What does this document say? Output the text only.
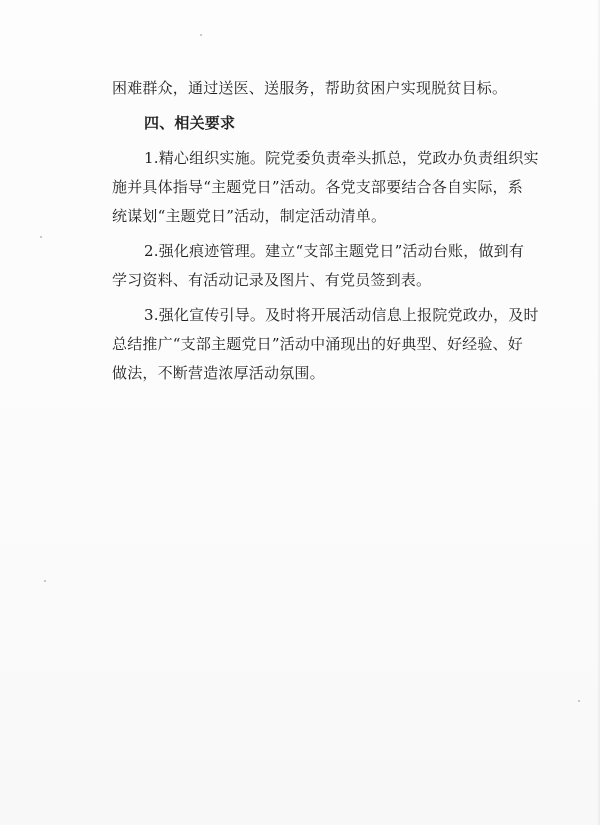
困难群众，通过送医、送服务，帮助贫困户实现脱贫目标。
四、相关要求
1.精心组织实施。院党委负责牵头抓总，党政办负责组织实
施并具体指导“主题党日”活动。各党支部要结合各自实际，系
统谋划“主题党日”活动，制定活动清单。
2.强化痕迹管理。建立“支部主题党日”活动台账，做到有
学习资料、有活动记录及图片、有党员签到表。
3.强化宣传引导。及时将开展活动信息上报院党政办，及时
总结推广“支部主题党日”活动中涌现出的好典型、好经验、好
做法，不断营造浓厚活动氛围。
